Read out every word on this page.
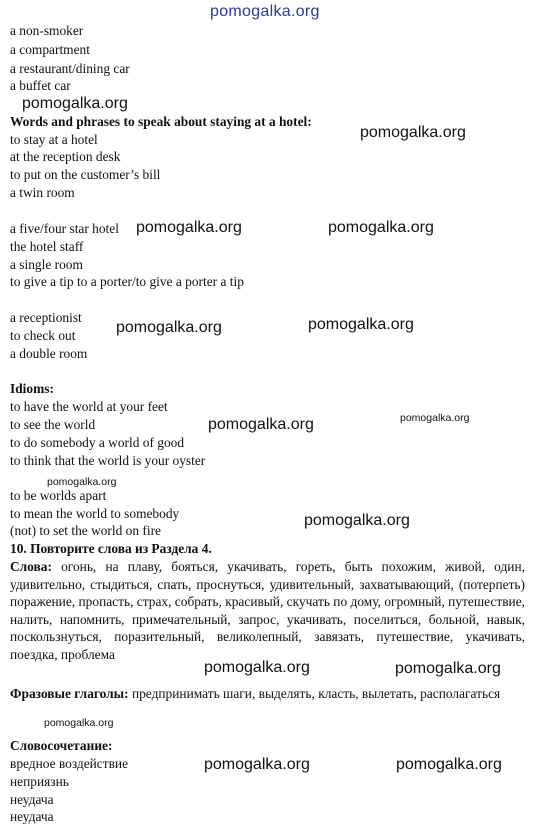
pomogalka.org
a non-smoker
a compartment
a restaurant/dining car
a buffet car
Words and phrases to speak about staying at a hotel:
to stay at a hotel
at the reception desk
to put on the customer’s bill
a twin room
a five/four star hotel
the hotel staff
a single room
to give a tip to a porter/to give a porter a tip
a receptionist
to check out
a double room
Idioms:
to have the world at your feet
to see the world
to do somebody a world of good
to think that the world is your oyster
to be worlds apart
to mean the world to somebody
(not) to set the world on fire
10. Повторите слова из Раздела 4.
Слова: огонь, на плаву, бояться, укачивать, гореть, быть похожим, живой, один, удивительно, стыдиться, спать, проснуться, удивительный, захватывающий, (потерпеть) поражение, пропасть, страх, собрать, красивый, скучать по дому, огромный, путешествие, налить, напомнить, примечательный, запрос, укачивать, поселиться, больной, навык, поскользнуться, поразительный, великолепный, завязать, путешествие, укачивать, поездка, проблема
Фразовые глаголы: предпринимать шаги, выделять, класть, вылетать, располагаться
Словосочетание:
вредное воздействие
неприязнь
неудача
неудача
pomogalka.org
pomogalka.org
pomogalka.org	pomogalka.org
pomogalka.org	pomogalka.org
pomogalka.org	pomogalka.org
pomogalka.org
pomogalka.org
pomogalka.org	pomogalka.org
pomogalka.org
pomogalka.org	pomogalka.org
